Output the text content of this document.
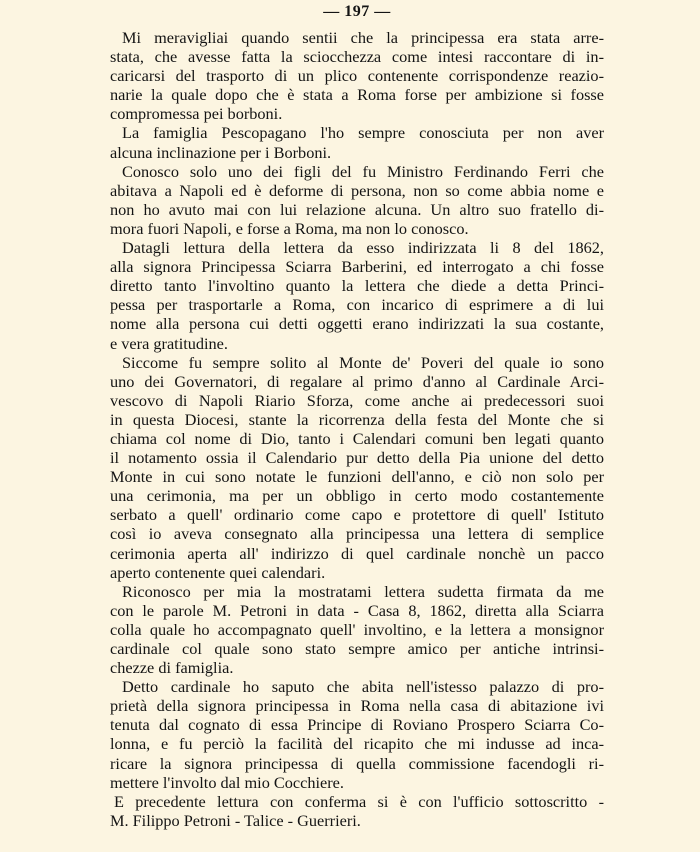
— 197 —

Mi meravigliai quando sentii che la principessa era stata arre-
stata, che avesse fatta la sciocchezza come intesi raccontare di in-
caricarsi del trasporto di un plico contenente corrispondenze reazio-
narie la quale dopo che è stata a Roma forse per ambizione si fosse
compromessa pei borboni.

La famiglia Pescopagano l'ho sempre conosciuta per non aver
alcuna inclinazione per i Borboni.

Conosco solo uno dei figli del fu Ministro Ferdinando Ferri che
abitava a Napoli ed è deforme di persona, non so come abbia nome e
non ho avuto mai con lui relazione alcuna. Un altro suo fratello di-
mora fuori Napoli, e forse a Roma, ma non lo conosco.

Datagli lettura della lettera da esso indirizzata li 8 del 1862,
alla signora Principessa Sciarra Barberini, ed interrogato a chi fosse
diretto tanto l'involtino quanto la lettera che diede a detta Princi-
pessa per trasportarle a Roma, con incarico di esprimere a di lui
nome alla persona cui detti oggetti erano indirizzati la sua costante,
e vera gratitudine.

Siccome fu sempre solito al Monte de' Poveri del quale io sono
uno dei Governatori, di regalare al primo d'anno al Cardinale Arci-
vescovo di Napoli Riario Sforza, come anche ai predecessori suoi
in questa Diocesi, stante la ricorrenza della festa del Monte che si
chiama col nome di Dio, tanto i Calendari comuni ben legati quanto
il notamento ossia il Calendario pur detto della Pia unione del detto
Monte in cui sono notate le funzioni dell'anno, e ciò non solo per
una cerimonia, ma per un obbligo in certo modo costantemente
serbato a quell' ordinario come capo e protettore di quell' Istituto
così io aveva consegnato alla principessa una lettera di semplice
cerimonia aperta all' indirizzo di quel cardinale nonchè un pacco
aperto contenente quei calendari.

Riconosco per mia la mostratami lettera sudetta firmata da me
con le parole M. Petroni in data - Casa 8, 1862, diretta alla Sciarra
colla quale ho accompagnato quell' involtino, e la lettera a monsignor
cardinale col quale sono stato sempre amico per antiche intrinsi-
chezze di famiglia.

Detto cardinale ho saputo che abita nell'istesso palazzo di pro-
prietà della signora principessa in Roma nella casa di abitazione ivi
tenuta dal cognato di essa Principe di Roviano Prospero Sciarra Co-
lonna, e fu perciò la facilità del ricapito che mi indusse ad inca-
ricare la signora principessa di quella commissione facendogli ri-
mettere l'involto dal mio Cocchiere.

E precedente lettura con conferma si è con l'ufficio sottoscritto -
M. Filippo Petroni - Talice - Guerrieri.
